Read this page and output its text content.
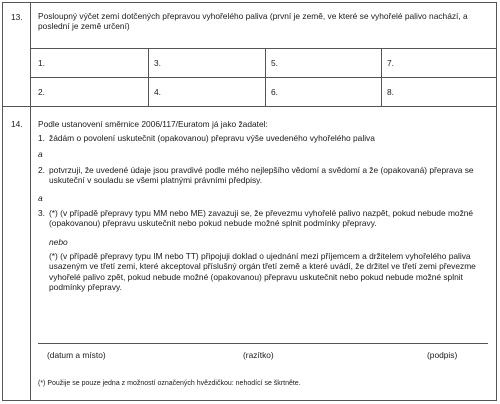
13. Posloupný výčet zemí dotčených přepravou vyhořelého paliva (první je země, ve které se vyhořelé palivo nachází, a poslední je země určení)
1.	3.	5.	7.
2.	4.	6.	8.
14. Podle ustanovení směrnice 2006/117/Euratom já jako žadatel:
1. žádám o povolení uskutečnit (opakovanou) přepravu výše uvedeného vyhořelého paliva
a
2. potvrzuji, že uvedené údaje jsou pravdivé podle mého nejlepšího vědomí a svědomí a že (opakovaná) přeprava se uskuteční v souladu se všemi platnými právními předpisy.
a
3. (*) (v případě přepravy typu MM nebo ME) zavazuji se, že převezmu vyhořelé palivo nazpět, pokud nebude možné (opakovanou) přepravu uskutečnit nebo pokud nebude možné splnit podmínky přepravy.
nebo
(*) (v případě přepravy typu IM nebo TT) připojuji doklad o ujednání mezi příjemcem a držitelem vyhořelého paliva usazeným ve třetí zemi, které akceptoval příslušný orgán třetí země a které uvádí, že držitel ve třetí zemi převezme vyhořelé palivo zpět, pokud nebude možné (opakovanou) přepravu uskutečnit nebo pokud nebude možné splnit podmínky přepravy.
(datum a místo)	(razítko)	(podpis)
(*) Použije se pouze jedna z možností označených hvězdičkou: nehodící se škrtněte.
